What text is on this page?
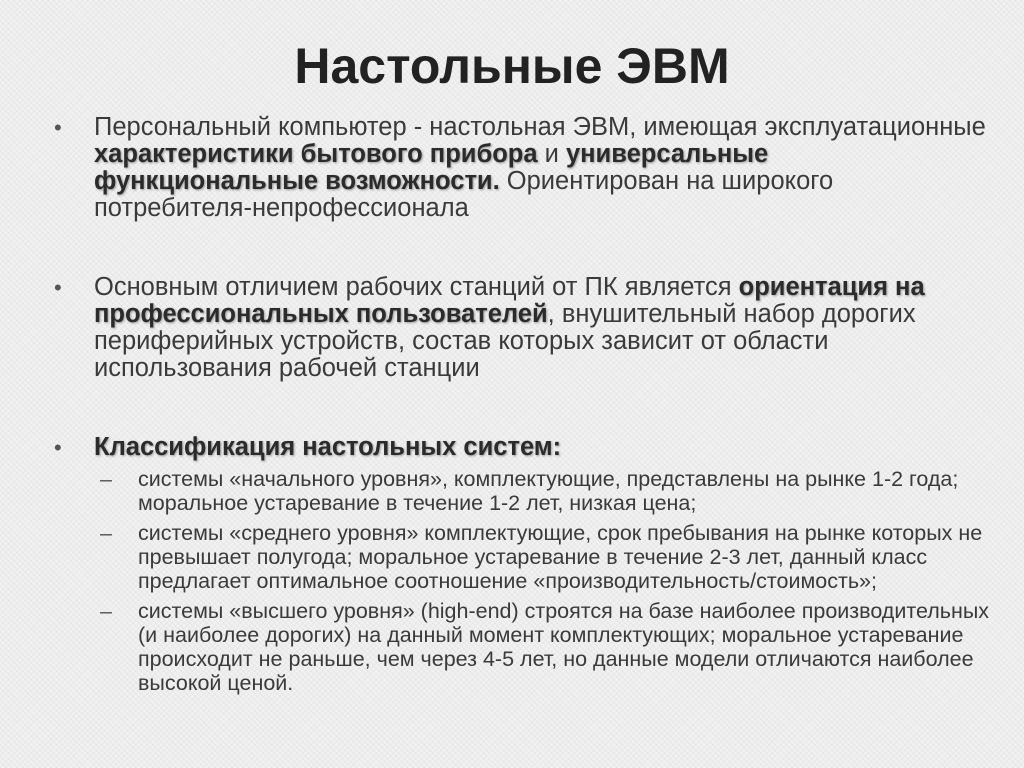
Настольные ЭВМ
• Персональный компьютер - настольная ЭВМ, имеющая эксплуатационные характеристики бытового прибора и универсальные функциональные возможности. Ориентирован на широкого потребителя-непрофессионала
• Основным отличием рабочих станций от ПК является ориентация на профессиональных пользователей, внушительный набор дорогих периферийных устройств, состав которых зависит от области использования рабочей станции
• Классификация настольных систем:
– системы «начального уровня», комплектующие, представлены на рынке 1-2 года; моральное устаревание в течение 1-2 лет, низкая цена;
– системы «среднего уровня» комплектующие, срок пребывания на рынке которых не превышает полугода; моральное устаревание в течение 2-3 лет, данный класс предлагает оптимальное соотношение «производительность/стоимость»;
– системы «высшего уровня» (high-end) строятся на базе наиболее производительных (и наиболее дорогих) на данный момент комплектующих; моральное устаревание происходит не раньше, чем через 4-5 лет, но данные модели отличаются наиболее высокой ценой.
